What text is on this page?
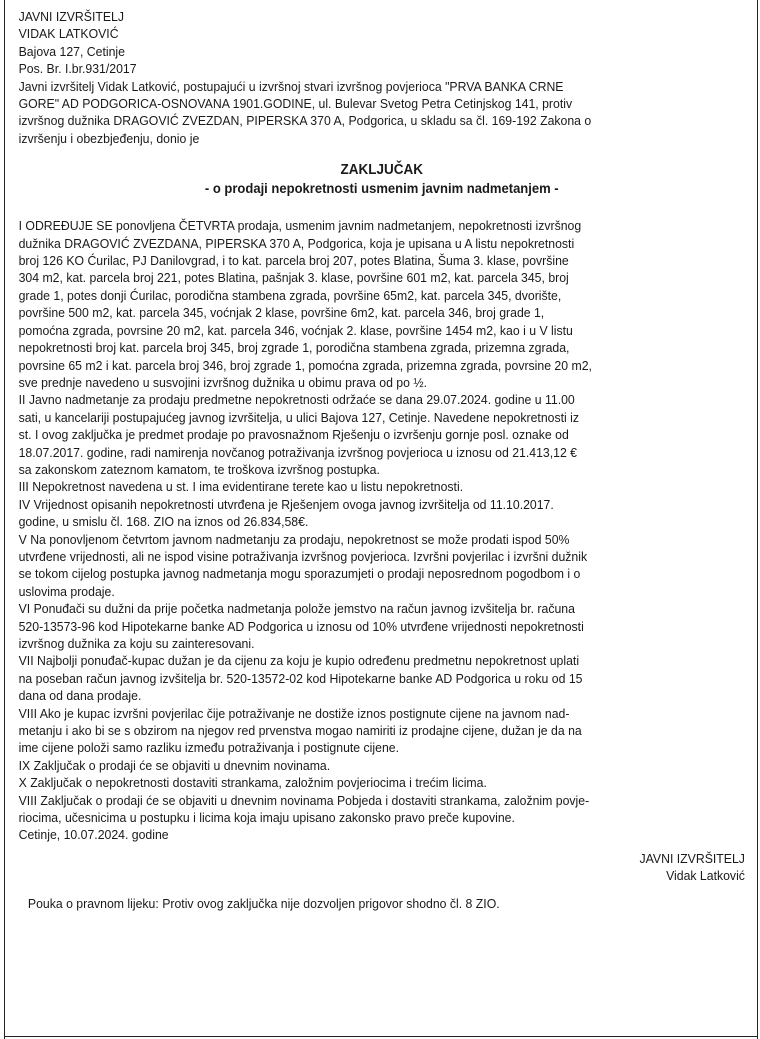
JAVNI IZVRŠITELJ
VIDAK LATKOVIĆ
Bajova 127, Cetinje
Pos. Br. I.br.931/2017
Javni izvršitelj Vidak Latković, postupajući u izvršnoj stvari izvršnog povjerioca "PRVA BANKA CRNE
GORE" AD PODGORICA-OSNOVANA 1901.GODINE, ul. Bulevar Svetog Petra Cetinjskog 141, protiv
izvršnog dužnika DRAGOVIĆ ZVEZDAN, PIPERSKA 370 A, Podgorica, u skladu sa čl. 169-192 Zakona o
izvršenju i obezbjeđenju, donio je
ZAKLJUČAK
- o prodaji nepokretnosti usmenim javnim nadmetanjem -
I ODREĐUJE SE ponovljena ČETVRTA prodaja, usmenim javnim nadmetanjem, nepokretnosti izvršnog
dužnika DRAGOVIĆ ZVEZDANA, PIPERSKA 370 A, Podgorica, koja je upisana u A listu nepokretnosti
broj 126 KO Ćurilac, PJ Danilovgrad, i to kat. parcela broj 207, potes Blatina, Šuma 3. klase, površine
304 m2, kat. parcela broj 221, potes Blatina, pašnjak 3. klase, površine 601 m2, kat. parcela 345, broj
grade 1, potes donji Ćurilac, porodična stambena zgrada, površine 65m2, kat. parcela 345, dvorište,
površine 500 m2, kat. parcela 345, voćnjak 2 klase, površine 6m2, kat. parcela 346, broj grade 1,
pomoćna zgrada, povrsine 20 m2, kat. parcela 346, voćnjak 2. klase, površine 1454 m2, kao i u V listu
nepokretnosti broj kat. parcela broj 345, broj zgrade 1, porodična stambena zgrada, prizemna zgrada,
povrsine 65 m2 i kat. parcela broj 346, broj zgrade 1, pomoćna zgrada, prizemna zgrada, povrsine 20 m2,
sve prednje navedeno u susvojini izvršnog dužnika u obimu prava od po ½.
II Javno nadmetanje za prodaju predmetne nepokretnosti održaće se dana 29.07.2024. godine u 11.00
sati, u kancelariji postupajućeg javnog izvršitelja, u ulici Bajova 127, Cetinje. Navedene nepokretnosti iz
st. I ovog zaključka je predmet prodaje po pravosnažnom Rješenju o izvršenju gornje posl. oznake od
18.07.2017. godine, radi namirenja novčanog potraživanja izvršnog povjerioca u iznosu od 21.413,12 €
sa zakonskom zateznom kamatom, te troškova izvršnog postupka.
III Nepokretnost navedena u st. I ima evidentirane terete kao u listu nepokretnosti.
IV Vrijednost opisanih nepokretnosti utvrđena je Rješenjem ovoga javnog izvršitelja od 11.10.2017.
godine, u smislu čl. 168. ZIO na iznos od 26.834,58€.
V Na ponovljenom četvrtom javnom nadmetanju za prodaju, nepokretnost se može prodati ispod 50%
utvrđene vrijednosti, ali ne ispod visine potraživanja izvršnog povjerioca. Izvršni povjerilac i izvršni dužnik
se tokom cijelog postupka javnog nadmetanja mogu sporazumjeti o prodaji neposrednom pogodbom i o
uslovima prodaje.
VI Ponuđači su dužni da prije početka nadmetanja polože jemstvo na račun javnog izvšitelja br. računa
520-13573-96 kod Hipotekarne banke AD Podgorica u iznosu od 10% utvrđene vrijednosti nepokretnosti
izvršnog dužnika za koju su zainteresovani.
VII Najbolji ponuđač-kupac dužan je da cijenu za koju je kupio određenu predmetnu nepokretnost uplati
na poseban račun javnog izvšitelja br. 520-13572-02 kod Hipotekarne banke AD Podgorica u roku od 15
dana od dana prodaje.
VIII Ako je kupac izvršni povjerilac čije potraživanje ne dostiže iznos postignute cijene na javnom nad-
metanju i ako bi se s obzirom na njegov red prvenstva mogao namiriti iz prodajne cijene, dužan je da na
ime cijene položi samo razliku između potraživanja i postignute cijene.
IX Zaključak o prodaji će se objaviti u dnevnim novinama.
X Zaključak o nepokretnosti dostaviti strankama, založnim povjeriocima i trećim licima.
VIII Zaključak o prodaji će se objaviti u dnevnim novinama Pobjeda i dostaviti strankama, založnim povje-
riocima, učesnicima u postupku i licima koja imaju upisano zakonsko pravo preče kupovine.
Cetinje, 10.07.2024. godine
JAVNI IZVRŠITELJ
Vidak Latković
Pouka o pravnom lijeku: Protiv ovog zaključka nije dozvoljen prigovor shodno čl. 8 ZIO.
